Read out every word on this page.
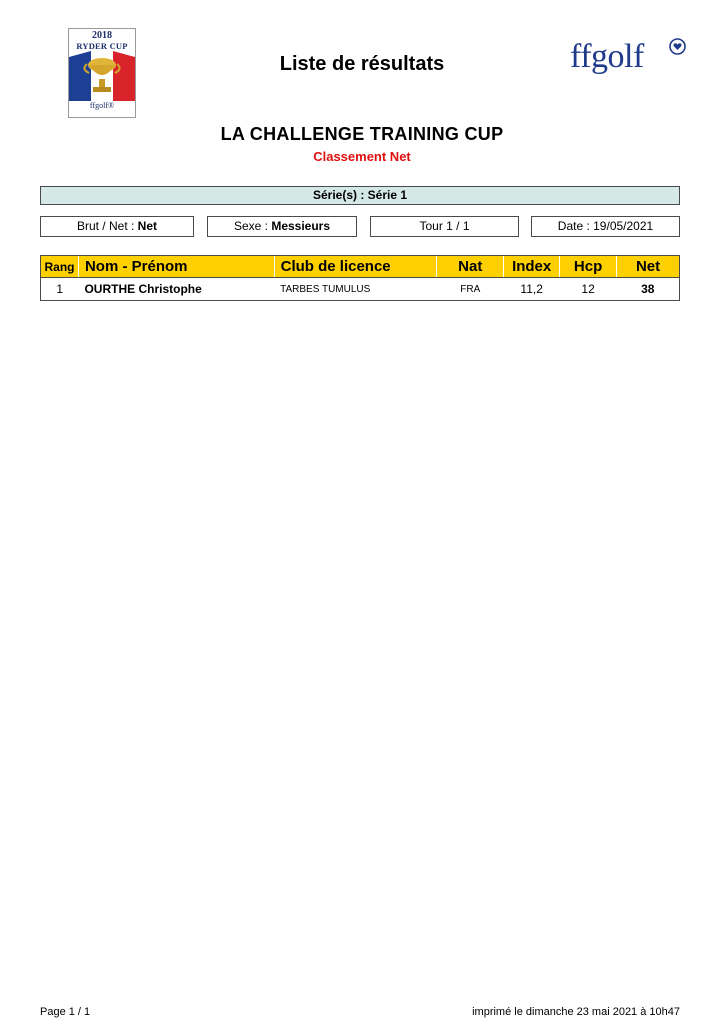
2018
RYDER CUP
ffgolf®
Liste de résultats	ffgolf
LA CHALLENGE TRAINING CUP
Classement Net
Série(s) : Série 1
Brut / Net : Net	Sexe : Messieurs	Tour 1 / 1	Date : 19/05/2021
Rang	Nom - Prénom	Club de licence	Nat	Index	Hcp	Net
1	OURTHE Christophe	TARBES TUMULUS	FRA	11,2	12	38
Page 1 / 1	imprimé le dimanche 23 mai 2021 à 10h47
